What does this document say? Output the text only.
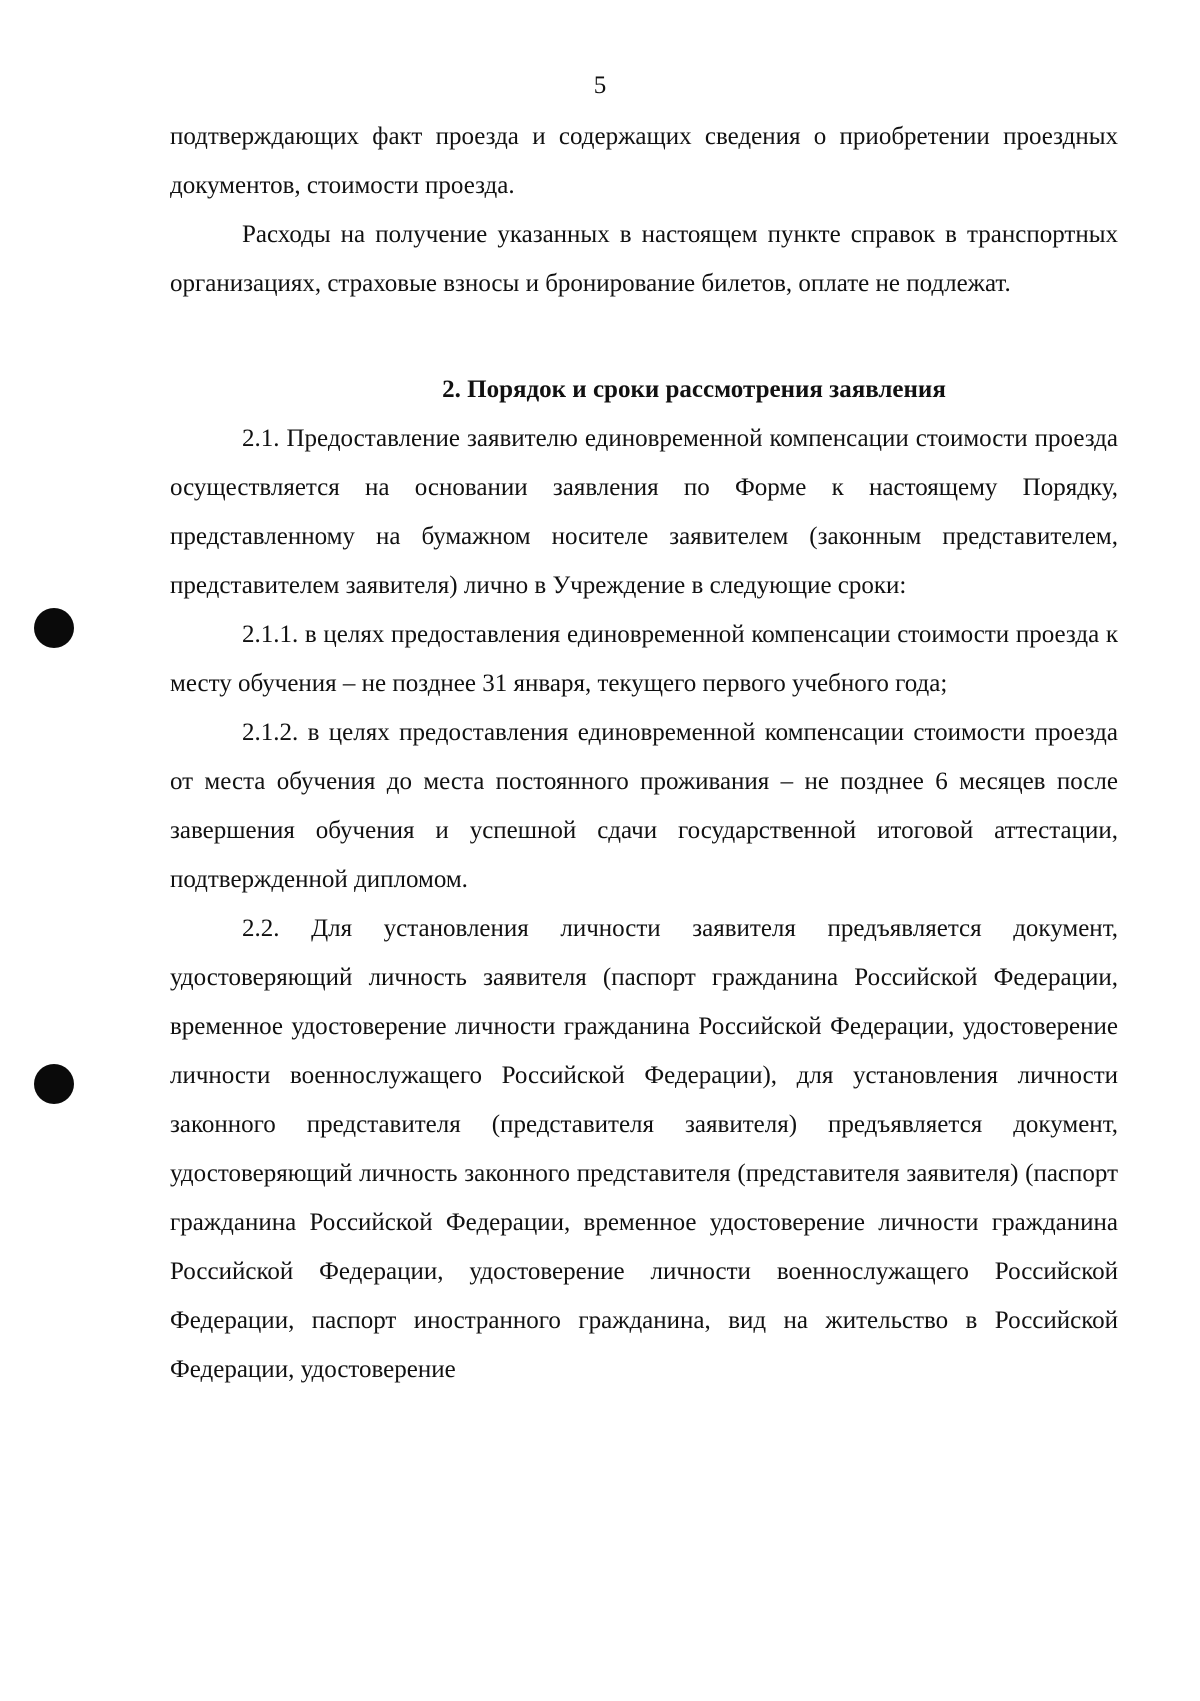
5

подтверждающих факт проезда и содержащих сведения о приобретении проездных документов, стоимости проезда.

Расходы на получение указанных в настоящем пункте справок в транспортных организациях, страховые взносы и бронирование билетов, оплате не подлежат.

2. Порядок и сроки рассмотрения заявления

2.1. Предоставление заявителю единовременной компенсации стоимости проезда осуществляется на основании заявления по Форме к настоящему Порядку, представленному на бумажном носителе заявителем (законным представителем, представителем заявителя) лично в Учреждение в следующие сроки:

2.1.1. в целях предоставления единовременной компенсации стоимости проезда к месту обучения – не позднее 31 января, текущего первого учебного года;

2.1.2. в целях предоставления единовременной компенсации стоимости проезда от места обучения до места постоянного проживания – не позднее 6 месяцев после завершения обучения и успешной сдачи государственной итоговой аттестации, подтвержденной дипломом.

2.2. Для установления личности заявителя предъявляется документ, удостоверяющий личность заявителя (паспорт гражданина Российской Федерации, временное удостоверение личности гражданина Российской Федерации, удостоверение личности военнослужащего Российской Федерации), для установления личности законного представителя (представителя заявителя) предъявляется документ, удостоверяющий личность законного представителя (представителя заявителя) (паспорт гражданина Российской Федерации, временное удостоверение личности гражданина Российской Федерации, удостоверение личности военнослужащего Российской Федерации, паспорт иностранного гражданина, вид на жительство в Российской Федерации, удостоверение
